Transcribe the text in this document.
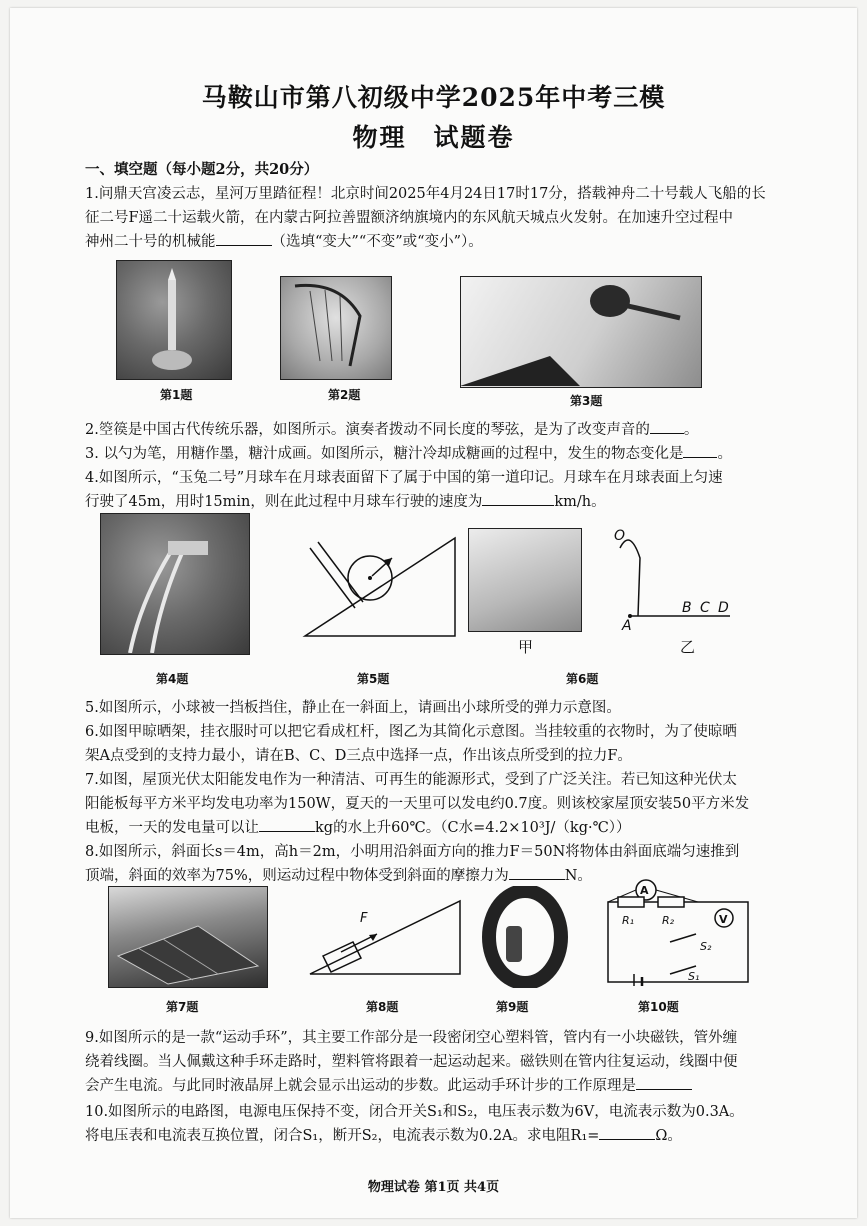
马鞍山市第八初级中学2025年中考三模
物理　试题卷
一、填空题（每小题2分，共20分）
1.问鼎天宫凌云志，星河万里踏征程！北京时间2025年4月24日17时17分，搭载神舟二十号载人飞船的长
征二号F遥二十运载火箭，在内蒙古阿拉善盟额济纳旗境内的东风航天城点火发射。在加速升空过程中
神州二十号的机械能	（选填“变大”“不变”或“变小”）。
第1题	第2题	第3题
2.箜篌是中国古代传统乐器，如图所示。演奏者拨动不同长度的琴弦，是为了改变声音的 。
3. 以勺为笔，用糖作墨，糖汁成画。如图所示，糖汁冷却成糖画的过程中，发生的物态变化是 。
4.如图所示，“玉兔二号”月球车在月球表面留下了属于中国的第一道印记。月球车在月球表面上匀速
行驶了45m，用时15min，则在此过程中月球车行驶的速度为	km/h。
第4题	第5题
甲
O
A
B C D
乙
第6题
5.如图所示，小球被一挡板挡住，静止在一斜面上，请画出小球所受的弹力示意图。
6.如图甲晾晒架，挂衣服时可以把它看成杠杆，图乙为其简化示意图。当挂较重的衣物时，为了使晾晒
架A点受到的支持力最小，请在B、C、D三点中选择一点，作出该点所受到的拉力F。
7.如图，屋顶光伏太阳能发电作为一种清洁、可再生的能源形式，受到了广泛关注。若已知这种光伏太
阳能板每平方米平均发电功率为150W，夏天的一天里可以发电约0.7度。则该校家屋顶安装50平方米发
电板，一天的发电量可以让	kg的水上升60℃。（C水=4.2×10³J/（kg·℃））
8.如图所示，斜面长s＝4m，高h＝2m，小明用沿斜面方向的推力F＝50N将物体由斜面底端匀速推到
顶端，斜面的效率为75%，则运动过程中物体受到斜面的摩擦力为	N。
第7题
F
第8题	第9题
A
V
R₁	R₂
S₂
S₁
第10题
9.如图所示的是一款“运动手环”，其主要工作部分是一段密闭空心塑料管，管内有一小块磁铁，管外缠
绕着线圈。当人佩戴这种手环走路时，塑料管将跟着一起运动起来。磁铁则在管内往复运动，线圈中便
会产生电流。与此同时液晶屏上就会显示出运动的步数。此运动手环计步的工作原理是
10.如图所示的电路图，电源电压保持不变，闭合开关S₁和S₂，电压表示数为6V，电流表示数为0.3A。
将电压表和电流表互换位置，闭合S₁，断开S₂，电流表示数为0.2A。求电阻R₁=	Ω。
物理试卷 第1页 共4页
